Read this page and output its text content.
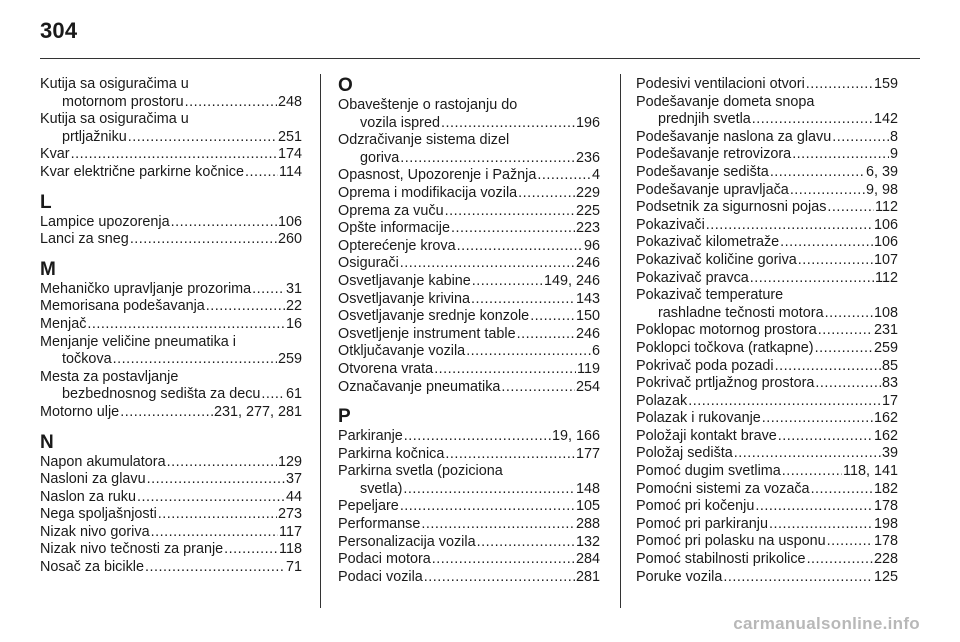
304
Kutija sa osiguračima u
motornom prostoru .....	248
Kutija sa osiguračima u
prtljažniku .....	251
Kvar .....	174
Kvar električne parkirne kočnice ..... 114
L
Lampice upozorenja .....	106
Lanci za sneg .....	260
M
Mehaničko upravljanje prozorima ..... 31
Memorisana podešavanja .....	22
Menjač .....	16
Menjanje veličine pneumatika i
točkova .....	259
Mesta za postavljanje
bezbednosnog sedišta za decu ..... 61
Motorno ulje .....	231, 277, 281
N
Napon akumulatora .....	129
Nasloni za glavu .....	37
Naslon za ruku .....	44
Nega spoljašnjosti .....	273
Nizak nivo goriva .....	117
Nizak nivo tečnosti za pranje .....	118
Nosač za bicikle .....	71
O
Obaveštenje o rastojanju do
vozila ispred .....	196
Odzračivanje sistema dizel
goriva .....	236
Opasnost, Upozorenje i Pažnja .....	4
Oprema i modifikacija vozila .....	229
Oprema za vuču .....	225
Opšte informacije .....	223
Opterećenje krova .....	96
Osigurači .....	246
Osvetljavanje kabine .....	149, 246
Osvetljavanje krivina .....	143
Osvetljavanje srednje konzole .....	150
Osvetljenje instrument table .....	246
Otključavanje vozila .....	6
Otvorena vrata .....	119
Označavanje pneumatika .....	254
P
Parkiranje .....	19, 166
Parkirna kočnica .....	177
Parkirna svetla (poziciona
svetla) .....	148
Pepeljare .....	105
Performanse .....	288
Personalizacija vozila .....	132
Podaci motora .....	284
Podaci vozila .....	281
Podesivi ventilacioni otvori .....	159
Podešavanje dometa snopa
prednjih svetla .....	142
Podešavanje naslona za glavu .....	8
Podešavanje retrovizora .....	9
Podešavanje sedišta .....	6, 39
Podešavanje upravljača .....	9, 98
Podsetnik za sigurnosni pojas .....	112
Pokazivači .....	106
Pokazivač kilometraže .....	106
Pokazivač količine goriva .....	107
Pokazivač pravca .....	112
Pokazivač temperature
rashladne tečnosti motora .....	108
Poklopac motornog prostora .....	231
Poklopci točkova (ratkapne) .....	259
Pokrivač poda pozadi .....	85
Pokrivač prtljažnog prostora .....	83
Polazak .....	17
Polazak i rukovanje .....	162
Položaji kontakt brave .....	162
Položaj sedišta .....	39
Pomoć dugim svetlima .....	118, 141
Pomoćni sistemi za vozača .....	182
Pomoć pri kočenju .....	178
Pomoć pri parkiranju .....	198
Pomoć pri polasku na usponu .....	178
Pomoć stabilnosti prikolice .....	228
Poruke vozila .....	125
carmanualsonline.info
